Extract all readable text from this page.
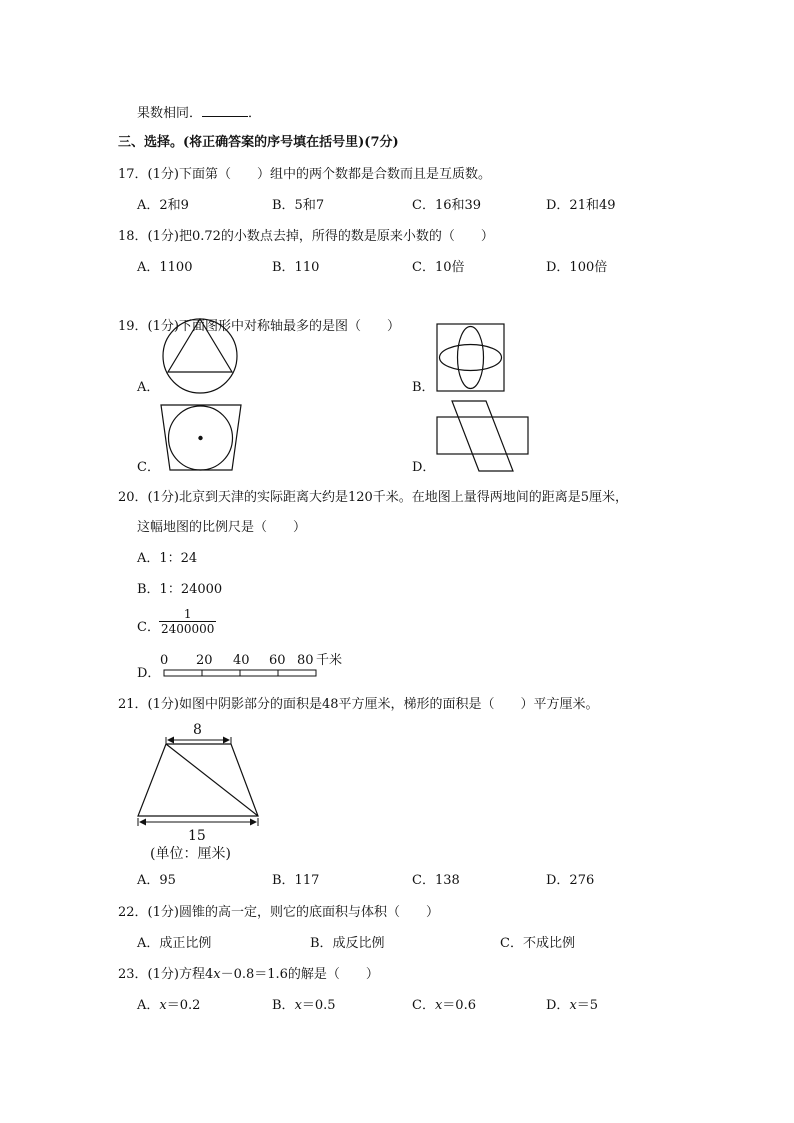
果数相同．	．
三、选择。(将正确答案的序号填在括号里)(7分)
17．(1分)下面第（　　）组中的两个数都是合数而且是互质数。
A．2和9	B．5和7	C．16和39	D．21和49
18．(1分)把0.72的小数点去掉，所得的数是原来小数的（　　）
A．1100	B．110	C．10倍	D．100倍
19．(1分)下面图形中对称轴最多的是图（　　）
A．	B．
C．	D．
20．(1分)北京到天津的实际距离大约是120千米。在地图上量得两地间的距离是5厘米，
这幅地图的比例尺是（　　）
A．1：24
B．1：24000
C． $\frac{1}{2400000}$
D．
0 20 40 60 80 千米
21．(1分)如图中阴影部分的面积是48平方厘米，梯形的面积是（　　）平方厘米。
8
15
(单位：厘米)
A．95	B．117	C．138	D．276
22．(1分)圆锥的高一定，则它的底面积与体积（　　）
A．成正比例	B．成反比例	C．不成比例
23．(1分)方程4x－0.8＝1.6的解是（　　）
A．x＝0.2	B．x＝0.5	C．x＝0.6	D．x＝5
